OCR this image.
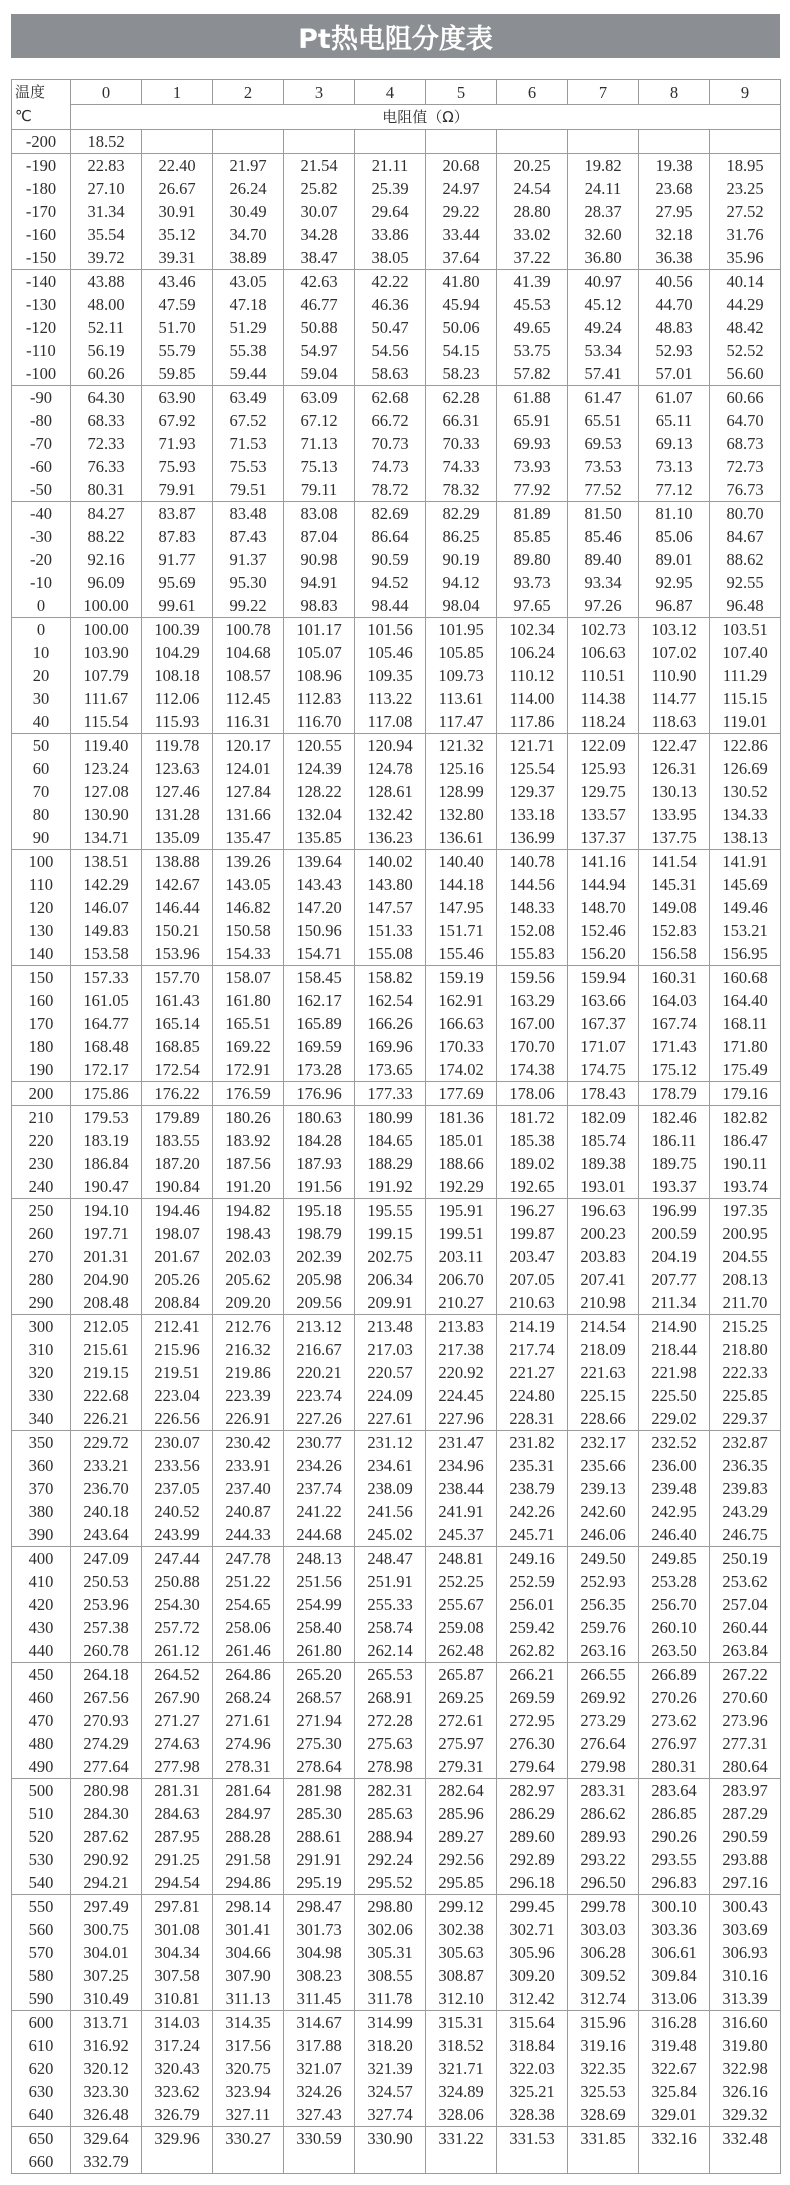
Pt热电阻分度表
温度
℃	0	1	2	3	4	5	6	7	8	9
	电阻值（Ω）									
-200	18.52									
-190	22.83	22.40	21.97	21.54	21.11	20.68	20.25	19.82	19.38	18.95
-180	27.10	26.67	26.24	25.82	25.39	24.97	24.54	24.11	23.68	23.25
-170	31.34	30.91	30.49	30.07	29.64	29.22	28.80	28.37	27.95	27.52
-160	35.54	35.12	34.70	34.28	33.86	33.44	33.02	32.60	32.18	31.76
-150	39.72	39.31	38.89	38.47	38.05	37.64	37.22	36.80	36.38	35.96
-140	43.88	43.46	43.05	42.63	42.22	41.80	41.39	40.97	40.56	40.14
-130	48.00	47.59	47.18	46.77	46.36	45.94	45.53	45.12	44.70	44.29
-120	52.11	51.70	51.29	50.88	50.47	50.06	49.65	49.24	48.83	48.42
-110	56.19	55.79	55.38	54.97	54.56	54.15	53.75	53.34	52.93	52.52
-100	60.26	59.85	59.44	59.04	58.63	58.23	57.82	57.41	57.01	56.60
-90	64.30	63.90	63.49	63.09	62.68	62.28	61.88	61.47	61.07	60.66
-80	68.33	67.92	67.52	67.12	66.72	66.31	65.91	65.51	65.11	64.70
-70	72.33	71.93	71.53	71.13	70.73	70.33	69.93	69.53	69.13	68.73
-60	76.33	75.93	75.53	75.13	74.73	74.33	73.93	73.53	73.13	72.73
-50	80.31	79.91	79.51	79.11	78.72	78.32	77.92	77.52	77.12	76.73
-40	84.27	83.87	83.48	83.08	82.69	82.29	81.89	81.50	81.10	80.70
-30	88.22	87.83	87.43	87.04	86.64	86.25	85.85	85.46	85.06	84.67
-20	92.16	91.77	91.37	90.98	90.59	90.19	89.80	89.40	89.01	88.62
-10	96.09	95.69	95.30	94.91	94.52	94.12	93.73	93.34	92.95	92.55
0	100.00	99.61	99.22	98.83	98.44	98.04	97.65	97.26	96.87	96.48
0	100.00	100.39	100.78	101.17	101.56	101.95	102.34	102.73	103.12	103.51
10	103.90	104.29	104.68	105.07	105.46	105.85	106.24	106.63	107.02	107.40
20	107.79	108.18	108.57	108.96	109.35	109.73	110.12	110.51	110.90	111.29
30	111.67	112.06	112.45	112.83	113.22	113.61	114.00	114.38	114.77	115.15
40	115.54	115.93	116.31	116.70	117.08	117.47	117.86	118.24	118.63	119.01
50	119.40	119.78	120.17	120.55	120.94	121.32	121.71	122.09	122.47	122.86
60	123.24	123.63	124.01	124.39	124.78	125.16	125.54	125.93	126.31	126.69
70	127.08	127.46	127.84	128.22	128.61	128.99	129.37	129.75	130.13	130.52
80	130.90	131.28	131.66	132.04	132.42	132.80	133.18	133.57	133.95	134.33
90	134.71	135.09	135.47	135.85	136.23	136.61	136.99	137.37	137.75	138.13
100	138.51	138.88	139.26	139.64	140.02	140.40	140.78	141.16	141.54	141.91
110	142.29	142.67	143.05	143.43	143.80	144.18	144.56	144.94	145.31	145.69
120	146.07	146.44	146.82	147.20	147.57	147.95	148.33	148.70	149.08	149.46
130	149.83	150.21	150.58	150.96	151.33	151.71	152.08	152.46	152.83	153.21
140	153.58	153.96	154.33	154.71	155.08	155.46	155.83	156.20	156.58	156.95
150	157.33	157.70	158.07	158.45	158.82	159.19	159.56	159.94	160.31	160.68
160	161.05	161.43	161.80	162.17	162.54	162.91	163.29	163.66	164.03	164.40
170	164.77	165.14	165.51	165.89	166.26	166.63	167.00	167.37	167.74	168.11
180	168.48	168.85	169.22	169.59	169.96	170.33	170.70	171.07	171.43	171.80
190	172.17	172.54	172.91	173.28	173.65	174.02	174.38	174.75	175.12	175.49
200	175.86	176.22	176.59	176.96	177.33	177.69	178.06	178.43	178.79	179.16
210	179.53	179.89	180.26	180.63	180.99	181.36	181.72	182.09	182.46	182.82
220	183.19	183.55	183.92	184.28	184.65	185.01	185.38	185.74	186.11	186.47
230	186.84	187.20	187.56	187.93	188.29	188.66	189.02	189.38	189.75	190.11
240	190.47	190.84	191.20	191.56	191.92	192.29	192.65	193.01	193.37	193.74
250	194.10	194.46	194.82	195.18	195.55	195.91	196.27	196.63	196.99	197.35
260	197.71	198.07	198.43	198.79	199.15	199.51	199.87	200.23	200.59	200.95
270	201.31	201.67	202.03	202.39	202.75	203.11	203.47	203.83	204.19	204.55
280	204.90	205.26	205.62	205.98	206.34	206.70	207.05	207.41	207.77	208.13
290	208.48	208.84	209.20	209.56	209.91	210.27	210.63	210.98	211.34	211.70
300	212.05	212.41	212.76	213.12	213.48	213.83	214.19	214.54	214.90	215.25
310	215.61	215.96	216.32	216.67	217.03	217.38	217.74	218.09	218.44	218.80
320	219.15	219.51	219.86	220.21	220.57	220.92	221.27	221.63	221.98	222.33
330	222.68	223.04	223.39	223.74	224.09	224.45	224.80	225.15	225.50	225.85
340	226.21	226.56	226.91	227.26	227.61	227.96	228.31	228.66	229.02	229.37
350	229.72	230.07	230.42	230.77	231.12	231.47	231.82	232.17	232.52	232.87
360	233.21	233.56	233.91	234.26	234.61	234.96	235.31	235.66	236.00	236.35
370	236.70	237.05	237.40	237.74	238.09	238.44	238.79	239.13	239.48	239.83
380	240.18	240.52	240.87	241.22	241.56	241.91	242.26	242.60	242.95	243.29
390	243.64	243.99	244.33	244.68	245.02	245.37	245.71	246.06	246.40	246.75
400	247.09	247.44	247.78	248.13	248.47	248.81	249.16	249.50	249.85	250.19
410	250.53	250.88	251.22	251.56	251.91	252.25	252.59	252.93	253.28	253.62
420	253.96	254.30	254.65	254.99	255.33	255.67	256.01	256.35	256.70	257.04
430	257.38	257.72	258.06	258.40	258.74	259.08	259.42	259.76	260.10	260.44
440	260.78	261.12	261.46	261.80	262.14	262.48	262.82	263.16	263.50	263.84
450	264.18	264.52	264.86	265.20	265.53	265.87	266.21	266.55	266.89	267.22
460	267.56	267.90	268.24	268.57	268.91	269.25	269.59	269.92	270.26	270.60
470	270.93	271.27	271.61	271.94	272.28	272.61	272.95	273.29	273.62	273.96
480	274.29	274.63	274.96	275.30	275.63	275.97	276.30	276.64	276.97	277.31
490	277.64	277.98	278.31	278.64	278.98	279.31	279.64	279.98	280.31	280.64
500	280.98	281.31	281.64	281.98	282.31	282.64	282.97	283.31	283.64	283.97
510	284.30	284.63	284.97	285.30	285.63	285.96	286.29	286.62	286.85	287.29
520	287.62	287.95	288.28	288.61	288.94	289.27	289.60	289.93	290.26	290.59
530	290.92	291.25	291.58	291.91	292.24	292.56	292.89	293.22	293.55	293.88
540	294.21	294.54	294.86	295.19	295.52	295.85	296.18	296.50	296.83	297.16
550	297.49	297.81	298.14	298.47	298.80	299.12	299.45	299.78	300.10	300.43
560	300.75	301.08	301.41	301.73	302.06	302.38	302.71	303.03	303.36	303.69
570	304.01	304.34	304.66	304.98	305.31	305.63	305.96	306.28	306.61	306.93
580	307.25	307.58	307.90	308.23	308.55	308.87	309.20	309.52	309.84	310.16
590	310.49	310.81	311.13	311.45	311.78	312.10	312.42	312.74	313.06	313.39
600	313.71	314.03	314.35	314.67	314.99	315.31	315.64	315.96	316.28	316.60
610	316.92	317.24	317.56	317.88	318.20	318.52	318.84	319.16	319.48	319.80
620	320.12	320.43	320.75	321.07	321.39	321.71	322.03	322.35	322.67	322.98
630	323.30	323.62	323.94	324.26	324.57	324.89	325.21	325.53	325.84	326.16
640	326.48	326.79	327.11	327.43	327.74	328.06	328.38	328.69	329.01	329.32
650	329.64	329.96	330.27	330.59	330.90	331.22	331.53	331.85	332.16	332.48
660	332.79									
